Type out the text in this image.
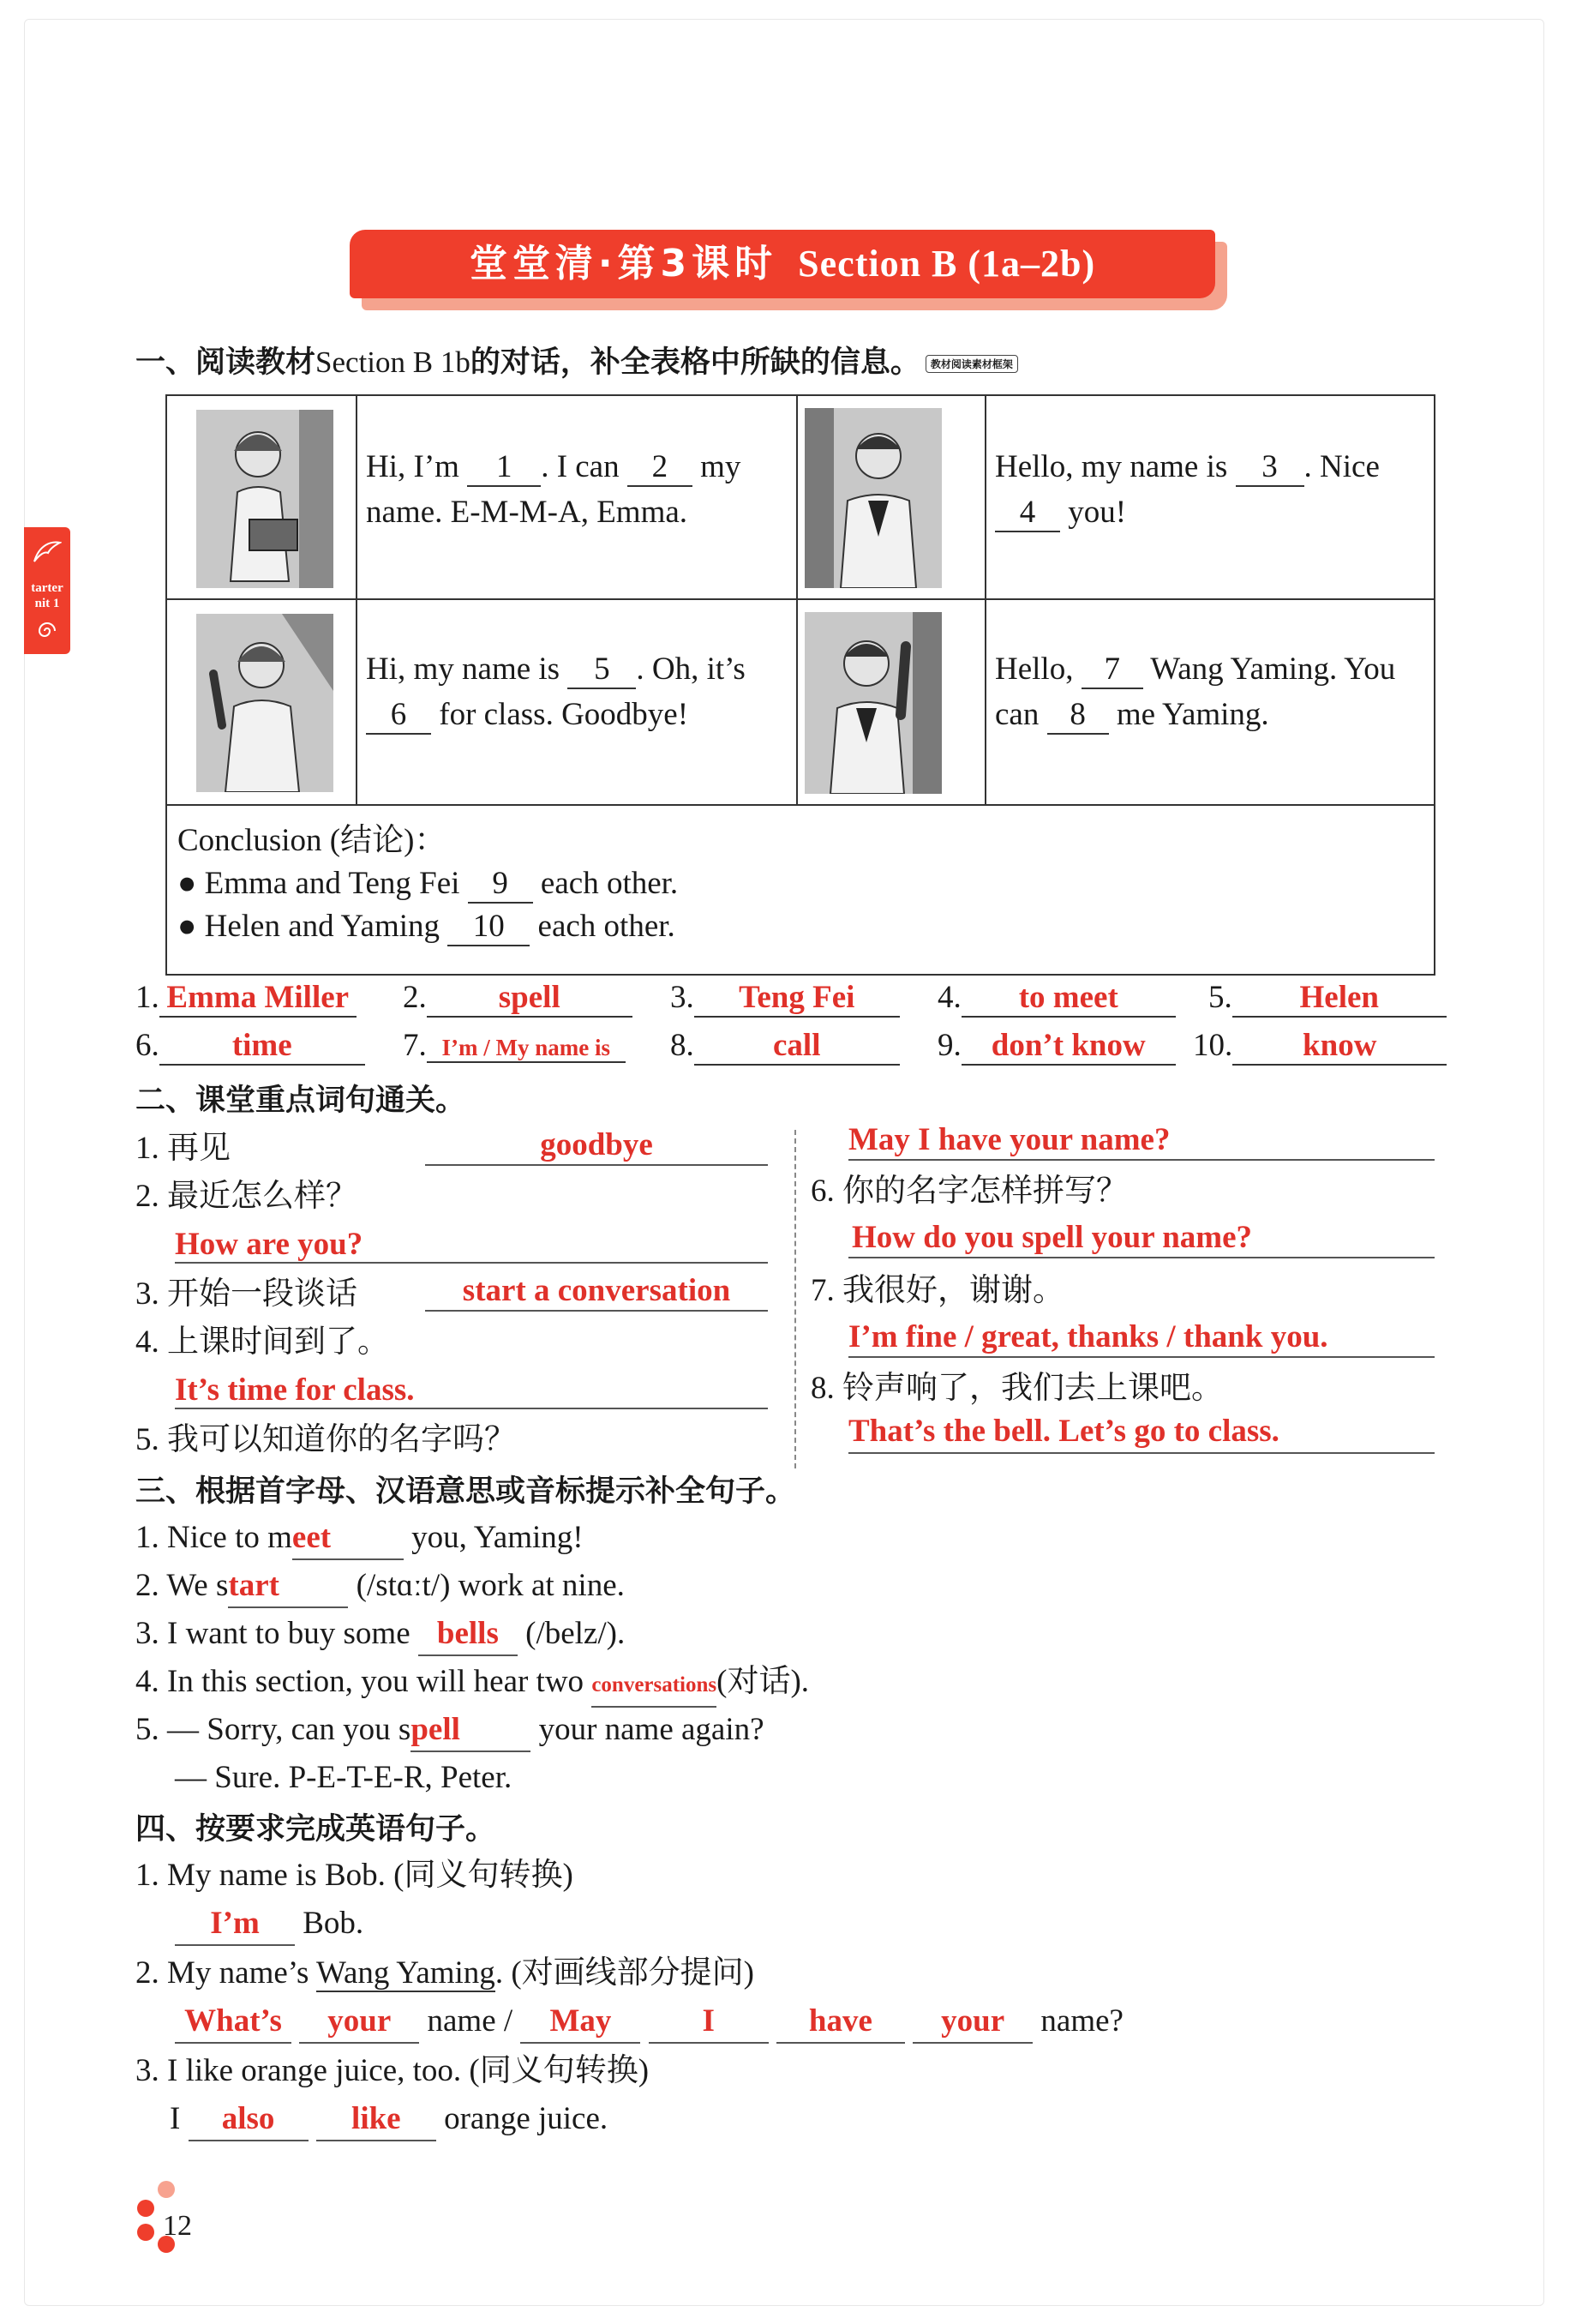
堂堂清·第3课时 Section B (1a–2b)
tarter
nit 1
一、阅读教材Section B 1b的对话，补全表格中所缺的信息。 教材阅读素材框架
Hi, I’m 1 . I can 2 my
name. E-M-M-A, Emma.
Hello, my name is 3 . Nice
4 you!
Hi, my name is 5 . Oh, it’s
6 for class. Goodbye!
Hello, 7 Wang Yaming. You
can 8 me Yaming.
Conclusion (结论)：
● Emma and Teng Fei 9 each other.
● Helen and Yaming 10 each other.
1. Emma Miller 2. spell	3. Teng Fei	4. to meet	5. Helen
6. time	7. I’m / My name is	8. call	9. don’t know	10. know
二、课堂重点词句通关。
1. 再见	goodbye
2. 最近怎么样？
How are you?
3. 开始一段谈话	start a conversation
4. 上课时间到了。
It’s time for class.
5. 我可以知道你的名字吗？
May I have your name?
6. 你的名字怎样拼写？
How do you spell your name?
7. 我很好，谢谢。
I’m fine / great, thanks / thank you.
8. 铃声响了，我们去上课吧。
That’s the bell. Let’s go to class.
三、根据首字母、汉语意思或音标提示补全句子。
1. Nice to meet	you, Yaming!
2. We start (/stɑːt/) work at nine.
3. I want to buy some bells (/belz/).
4. In this section, you will hear two conversations(对话).
5. — Sorry, can you spell your name again?
— Sure. P-E-T-E-R, Peter.
四、按要求完成英语句子。
1. My name is Bob. (同义句转换)
I’m Bob.
2. My name’s Wang Yaming. (对画线部分提问)
What’s your name / May	I	have your name?
3. I like orange juice, too. (同义句转换)
I also like orange juice.
12
